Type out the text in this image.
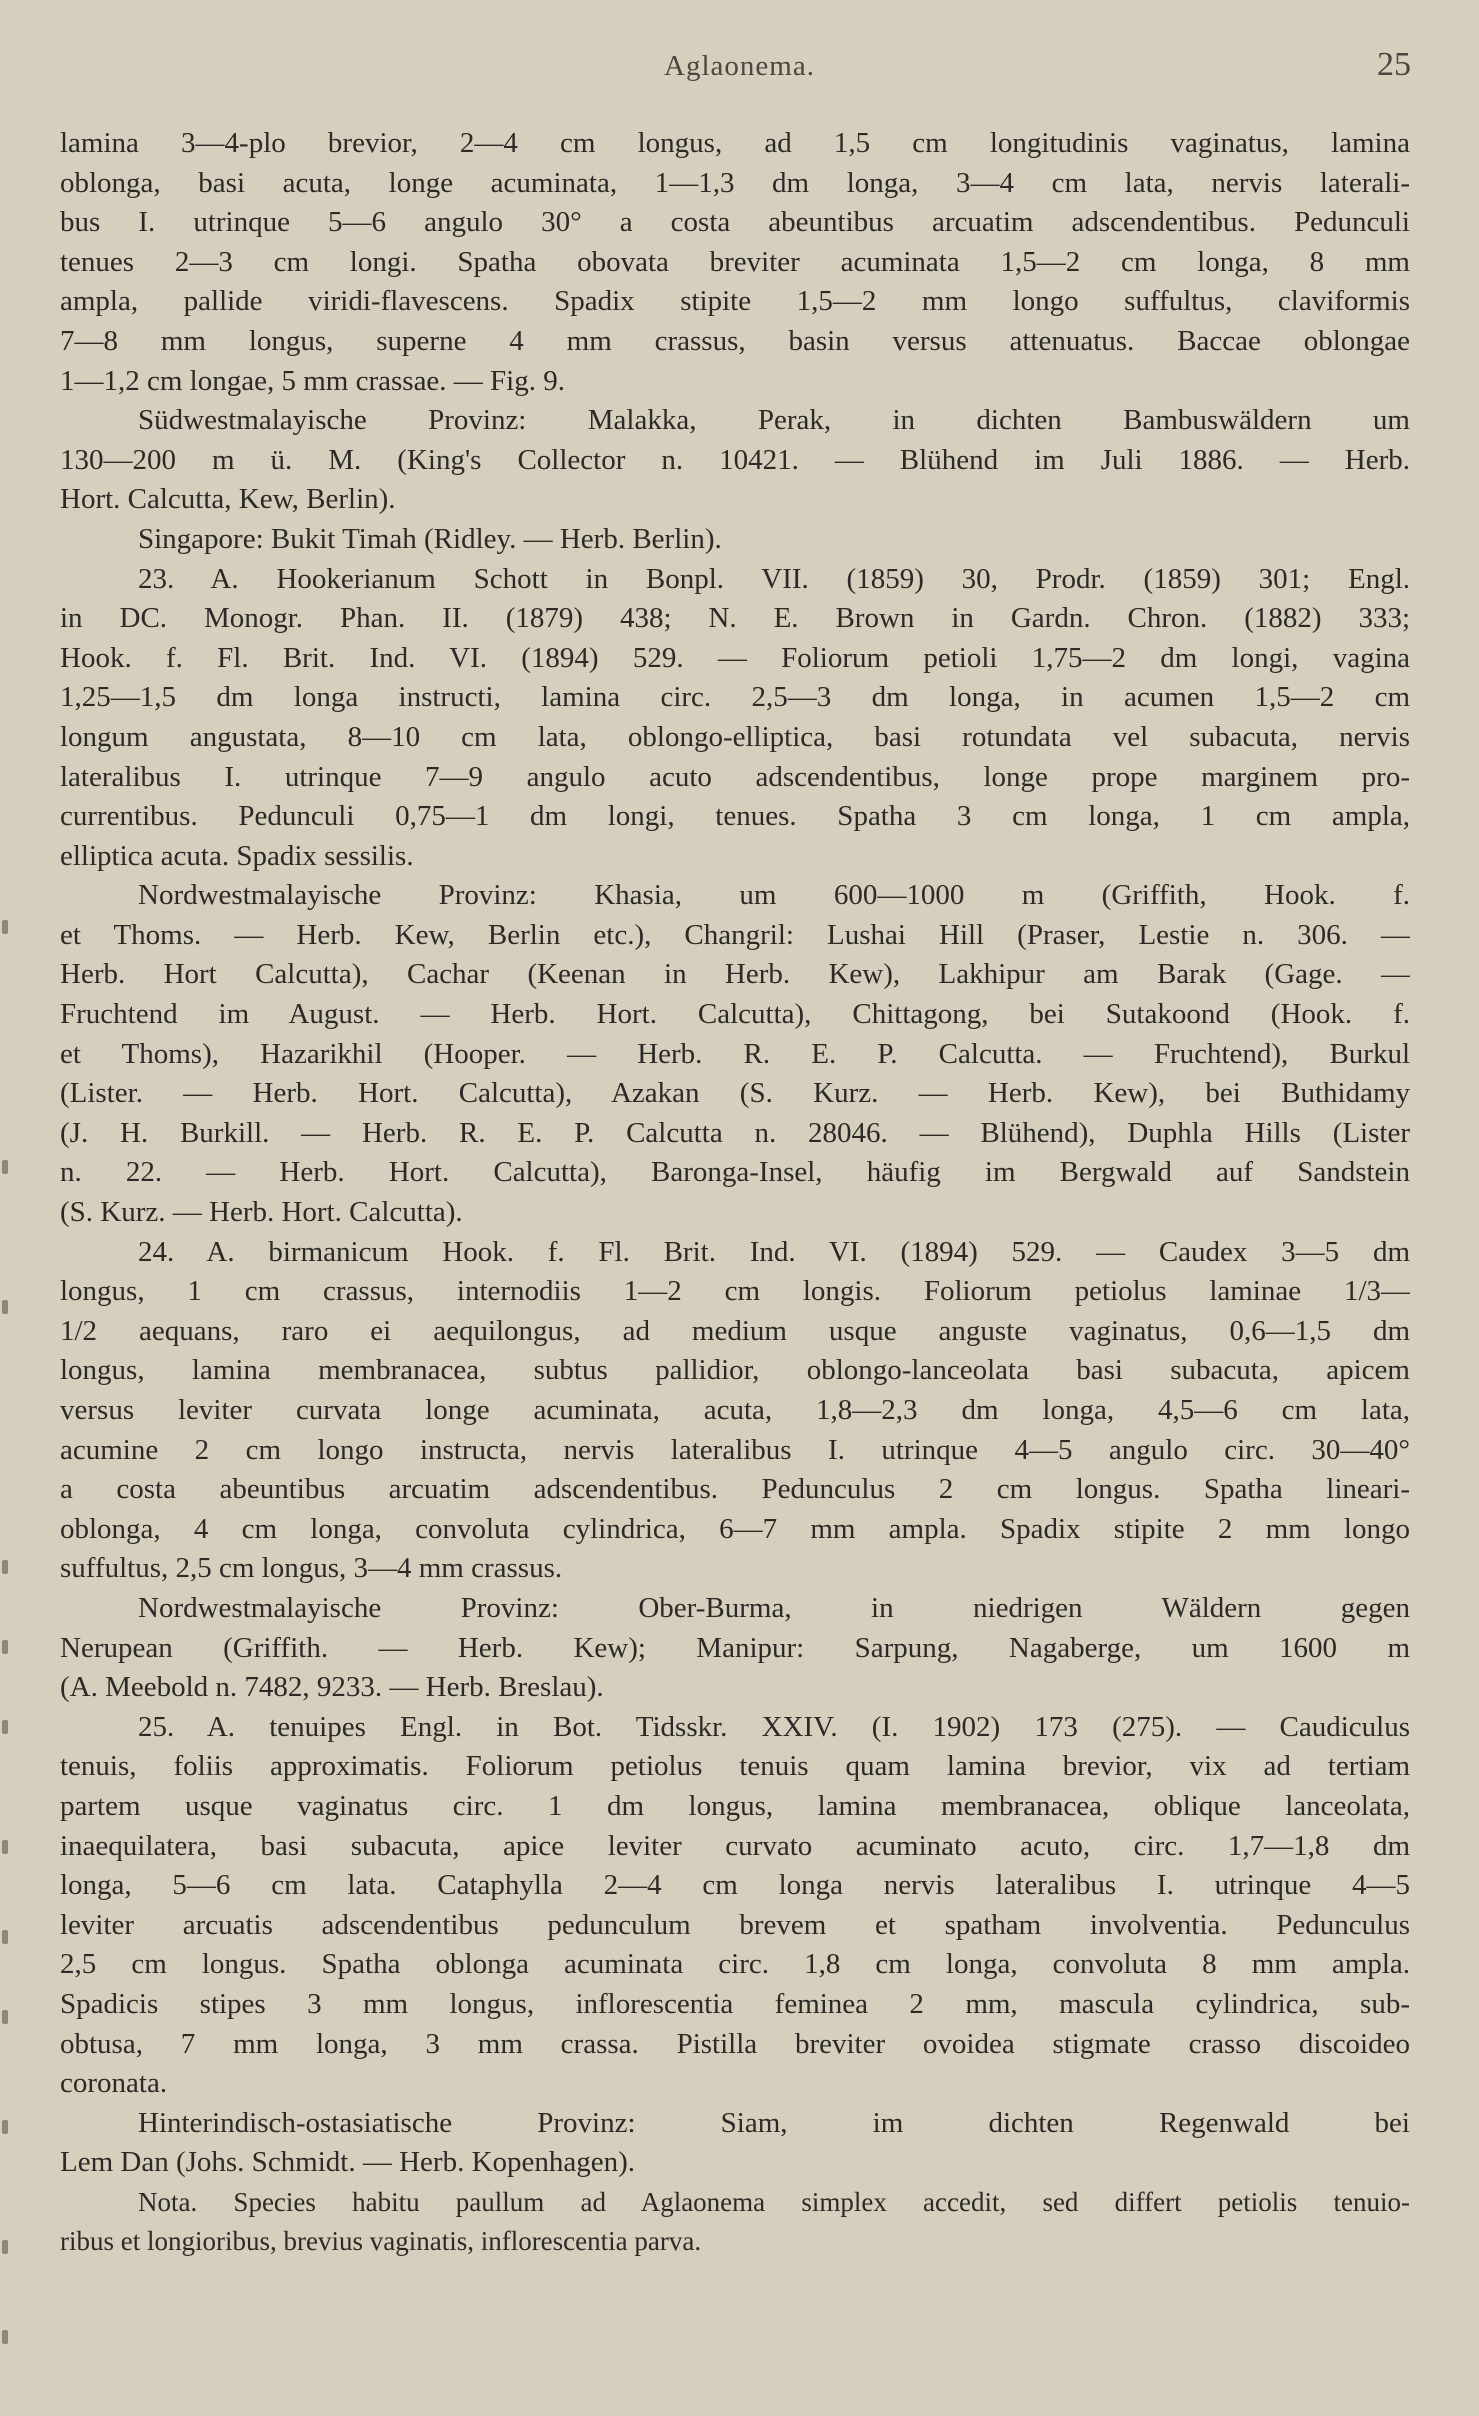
Aglaonema.	25
lamina 3—4-plo brevior, 2—4 cm longus, ad 1,5 cm longitudinis vaginatus, lamina
oblonga, basi acuta, longe acuminata, 1—1,3 dm longa, 3—4 cm lata, nervis laterali-
bus I. utrinque 5—6 angulo 30° a costa abeuntibus arcuatim adscendentibus. Pedunculi
tenues 2—3 cm longi. Spatha obovata breviter acuminata 1,5—2 cm longa, 8 mm
ampla, pallide viridi-flavescens. Spadix stipite 1,5—2 mm longo suffultus, claviformis
7—8 mm longus, superne 4 mm crassus, basin versus attenuatus. Baccae oblongae
1—1,2 cm longae, 5 mm crassae. — Fig. 9.
Südwestmalayische Provinz: Malakka, Perak, in dichten Bambuswäldern um
130—200 m ü. M. (King's Collector n. 10421. — Blühend im Juli 1886. — Herb.
Hort. Calcutta, Kew, Berlin).
Singapore: Bukit Timah (Ridley. — Herb. Berlin).
23. A. Hookerianum Schott in Bonpl. VII. (1859) 30, Prodr. (1859) 301; Engl.
in DC. Monogr. Phan. II. (1879) 438; N. E. Brown in Gardn. Chron. (1882) 333;
Hook. f. Fl. Brit. Ind. VI. (1894) 529. — Foliorum petioli 1,75—2 dm longi, vagina
1,25—1,5 dm longa instructi, lamina circ. 2,5—3 dm longa, in acumen 1,5—2 cm
longum angustata, 8—10 cm lata, oblongo-elliptica, basi rotundata vel subacuta, nervis
lateralibus I. utrinque 7—9 angulo acuto adscendentibus, longe prope marginem pro-
currentibus. Pedunculi 0,75—1 dm longi, tenues. Spatha 3 cm longa, 1 cm ampla,
elliptica acuta. Spadix sessilis.
Nordwestmalayische Provinz: Khasia, um 600—1000 m (Griffith, Hook. f.
et Thoms. — Herb. Kew, Berlin etc.), Changril: Lushai Hill (Praser, Lestie n. 306. —
Herb. Hort Calcutta), Cachar (Keenan in Herb. Kew), Lakhipur am Barak (Gage. —
Fruchtend im August. — Herb. Hort. Calcutta), Chittagong, bei Sutakoond (Hook. f.
et Thoms), Hazarikhil (Hooper. — Herb. R. E. P. Calcutta. — Fruchtend), Burkul
(Lister. — Herb. Hort. Calcutta), Azakan (S. Kurz. — Herb. Kew), bei Buthidamy
(J. H. Burkill. — Herb. R. E. P. Calcutta n. 28046. — Blühend), Duphla Hills (Lister
n. 22. — Herb. Hort. Calcutta), Baronga-Insel, häufig im Bergwald auf Sandstein
(S. Kurz. — Herb. Hort. Calcutta).
24. A. birmanicum Hook. f. Fl. Brit. Ind. VI. (1894) 529. — Caudex 3—5 dm
longus, 1 cm crassus, internodiis 1—2 cm longis. Foliorum petiolus laminae 1/3—
1/2 aequans, raro ei aequilongus, ad medium usque anguste vaginatus, 0,6—1,5 dm
longus, lamina membranacea, subtus pallidior, oblongo-lanceolata basi subacuta, apicem
versus leviter curvata longe acuminata, acuta, 1,8—2,3 dm longa, 4,5—6 cm lata,
acumine 2 cm longo instructa, nervis lateralibus I. utrinque 4—5 angulo circ. 30—40°
a costa abeuntibus arcuatim adscendentibus. Pedunculus 2 cm longus. Spatha lineari-
oblonga, 4 cm longa, convoluta cylindrica, 6—7 mm ampla. Spadix stipite 2 mm longo
suffultus, 2,5 cm longus, 3—4 mm crassus.
Nordwestmalayische Provinz: Ober-Burma, in niedrigen Wäldern gegen
Nerupean (Griffith. — Herb. Kew); Manipur: Sarpung, Nagaberge, um 1600 m
(A. Meebold n. 7482, 9233. — Herb. Breslau).
25. A. tenuipes Engl. in Bot. Tidsskr. XXIV. (I. 1902) 173 (275). — Caudiculus
tenuis, foliis approximatis. Foliorum petiolus tenuis quam lamina brevior, vix ad tertiam
partem usque vaginatus circ. 1 dm longus, lamina membranacea, oblique lanceolata,
inaequilatera, basi subacuta, apice leviter curvato acuminato acuto, circ. 1,7—1,8 dm
longa, 5—6 cm lata. Cataphylla 2—4 cm longa nervis lateralibus I. utrinque 4—5
leviter arcuatis adscendentibus pedunculum brevem et spatham involventia. Pedunculus
2,5 cm longus. Spatha oblonga acuminata circ. 1,8 cm longa, convoluta 8 mm ampla.
Spadicis stipes 3 mm longus, inflorescentia feminea 2 mm, mascula cylindrica, sub-
obtusa, 7 mm longa, 3 mm crassa. Pistilla breviter ovoidea stigmate crasso discoideo
coronata.
Hinterindisch-ostasiatische Provinz: Siam, im dichten Regenwald bei
Lem Dan (Johs. Schmidt. — Herb. Kopenhagen).
Nota. Species habitu paullum ad Aglaonema simplex accedit, sed differt petiolis tenuio-
ribus et longioribus, brevius vaginatis, inflorescentia parva.
